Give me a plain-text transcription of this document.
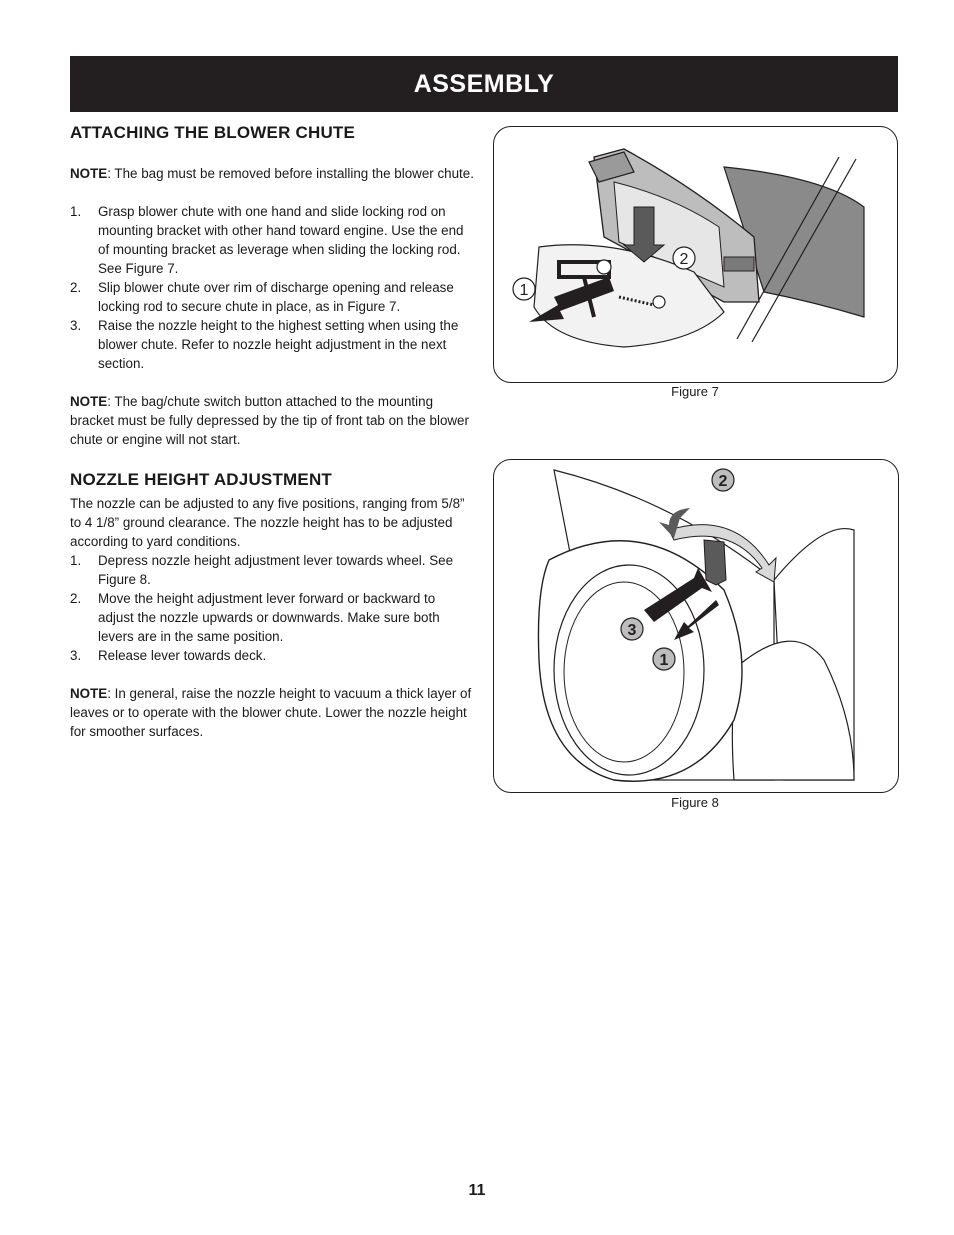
ASSEMBLY
ATTACHING THE BLOWER CHUTE

NOTE: The bag must be removed before installing the blower chute.

1. Grasp blower chute with one hand and slide locking rod on mounting bracket with other hand toward engine. Use the end of mounting bracket as leverage when sliding the locking rod. See Figure 7.
2. Slip blower chute over rim of discharge opening and release locking rod to secure chute in place, as in Figure 7.
3. Raise the nozzle height to the highest setting when using the blower chute. Refer to nozzle height adjustment in the next section.

NOTE: The bag/chute switch button attached to the mounting bracket must be fully depressed by the tip of front tab on the blower chute or engine will not start.

NOZZLE HEIGHT ADJUSTMENT

The nozzle can be adjusted to any five positions, ranging from 5/8” to 4 1/8” ground clearance. The nozzle height has to be adjusted according to yard conditions.

1. Depress nozzle height adjustment lever towards wheel. See Figure 8.
2. Move the height adjustment lever forward or backward to adjust the nozzle upwards or downwards. Make sure both levers are in the same position.
3. Release lever towards deck.

NOTE: In general, raise the nozzle height to vacuum a thick layer of leaves or to operate with the blower chute. Lower the nozzle height for smoother surfaces.

1
2
Figure 7
2
3
1
Figure 8
11
